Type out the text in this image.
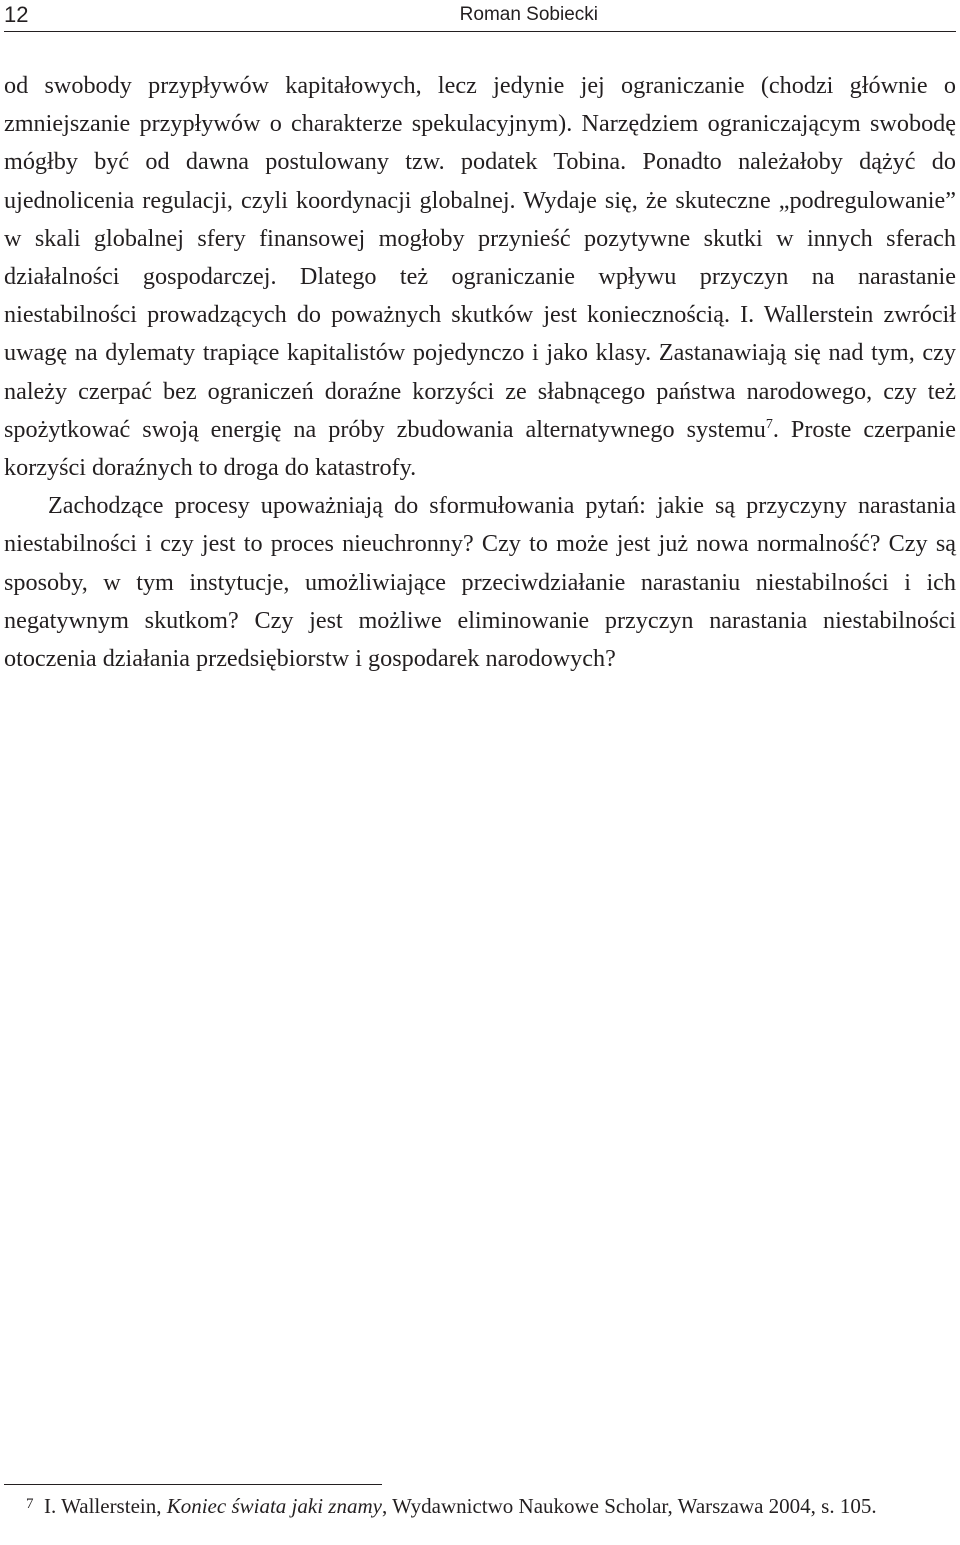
12	Roman Sobiecki

od swobody przypływów kapitałowych, lecz jedynie jej ograniczanie (chodzi głównie o zmniejszanie przypływów o charakterze spekulacyjnym). Narzędziem ograniczającym swobodę mógłby być od dawna postulowany tzw. podatek Tobina. Ponadto należałoby dążyć do ujednolicenia regulacji, czyli koordynacji globalnej. Wydaje się, że skuteczne „podregulowanie” w skali globalnej sfery finansowej mogłoby przynieść pozytywne skutki w innych sferach działalności gospodarczej. Dlatego też ograniczanie wpływu przyczyn na narastanie niestabilności prowadzących do poważnych skutków jest koniecznością. I. Wallerstein zwrócił uwagę na dylematy trapiące kapitalistów pojedynczo i jako klasy. Zastanawiają się nad tym, czy należy czerpać bez ograniczeń doraźne korzyści ze słabnącego państwa narodowego, czy też spożytkować swoją energię na próby zbudowania alternatywnego systemu$^7$. Proste czerpanie korzyści doraźnych to droga do katastrofy.

Zachodzące procesy upoważniają do sformułowania pytań: jakie są przyczyny narastania niestabilności i czy jest to proces nieuchronny? Czy to może jest już nowa normalność? Czy są sposoby, w tym instytucje, umożliwiające przeciwdziałanie narastaniu niestabilności i ich negatywnym skutkom? Czy jest możliwe eliminowanie przyczyn narastania niestabilności otoczenia działania przedsiębiorstw i gospodarek narodowych?

7 I. Wallerstein, Koniec świata jaki znamy, Wydawnictwo Naukowe Scholar, Warszawa 2004, s. 105.
